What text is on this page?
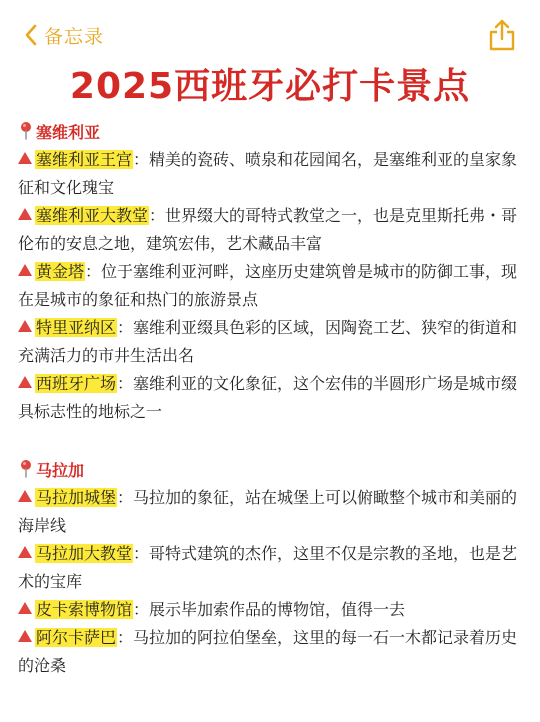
备忘录
2025西班牙必打卡景点
塞维利亚
塞维利亚王宫：精美的瓷砖、喷泉和花园闻名，是塞维利亚的皇家象征和文化瑰宝
塞维利亚大教堂：世界缀大的哥特式教堂之一，也是克里斯托弗・哥伦布的安息之地，建筑宏伟，艺术藏品丰富
黄金塔：位于塞维利亚河畔，这座历史建筑曾是城市的防御工事，现在是城市的象征和热门的旅游景点
特里亚纳区：塞维利亚缀具色彩的区域，因陶瓷工艺、狭窄的街道和充满活力的市井生活出名
西班牙广场：塞维利亚的文化象征，这个宏伟的半圆形广场是城市缀具标志性的地标之一
马拉加
马拉加城堡：马拉加的象征，站在城堡上可以俯瞰整个城市和美丽的海岸线
马拉加大教堂：哥特式建筑的杰作，这里不仅是宗教的圣地，也是艺术的宝库
皮卡索博物馆：展示毕加索作品的博物馆，值得一去
阿尔卡萨巴：马拉加的阿拉伯堡垒，这里的每一石一木都记录着历史的沧桑
